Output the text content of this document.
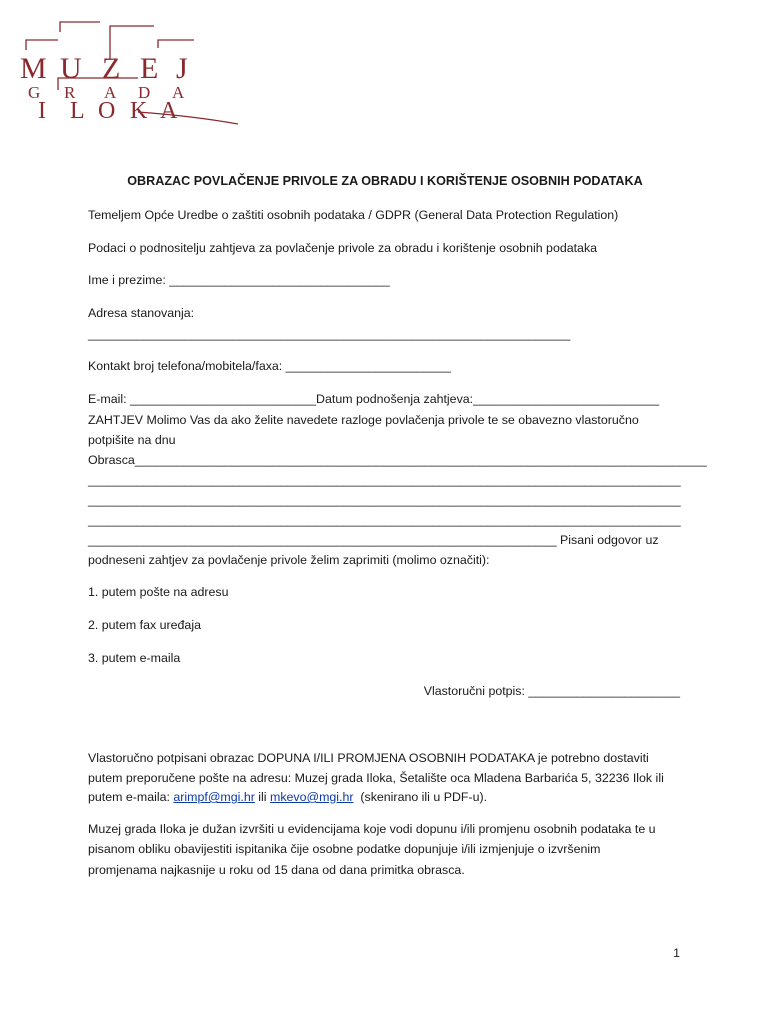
M U Z E J
G R A D A
I L O K A
OBRAZAC POVLAČENJE PRIVOLE ZA OBRADU I KORIŠTENJE OSOBNIH PODATAKA
Temeljem Opće Uredbe o zaštiti osobnih podataka / GDPR (General Data Protection Regulation)
Podaci o podnositelju zahtjeva za povlačenje privole za obradu i korištenje osobnih podataka
Ime i prezime: ________________________________
Adresa stanovanja:
______________________________________________________________________
Kontakt broj telefona/mobitela/faxa: ________________________
E-mail: ___________________________Datum podnošenja zahtjeva:___________________________
ZAHTJEV Molimo Vas da ako želite navedete razloge povlačenja privole te se obavezno vlastoručno
potpišite na dnu
Obrasca___________________________________________________________________________________
______________________________________________________________________________________
______________________________________________________________________________________
______________________________________________________________________________________
____________________________________________________________________ Pisani odgovor uz
podneseni zahtjev za povlačenje privole želim zaprimiti (molimo označiti):
1. putem pošte na adresu
2. putem fax uređaja
3. putem e-maila
Vlastoručni potpis: ______________________
Vlastoručno potpisani obrazac DOPUNA I/ILI PROMJENA OSOBNIH PODATAKA je potrebno dostaviti
putem preporučene pošte na adresu: Muzej grada Iloka, Šetalište oca Mladena Barbarića 5, 32236 Ilok ili
putem e-maila: arimpf@mgi.hr ili mkevo@mgi.hr  (skenirano ili u PDF-u).
Muzej grada Iloka je dužan izvršiti u evidencijama koje vodi dopunu i/ili promjenu osobnih podataka te u
pisanom obliku obavijestiti ispitanika čije osobne podatke dopunjuje i/ili izmjenjuje o izvršenim
promjenama najkasnije u roku od 15 dana od dana primitka obrasca.
1
